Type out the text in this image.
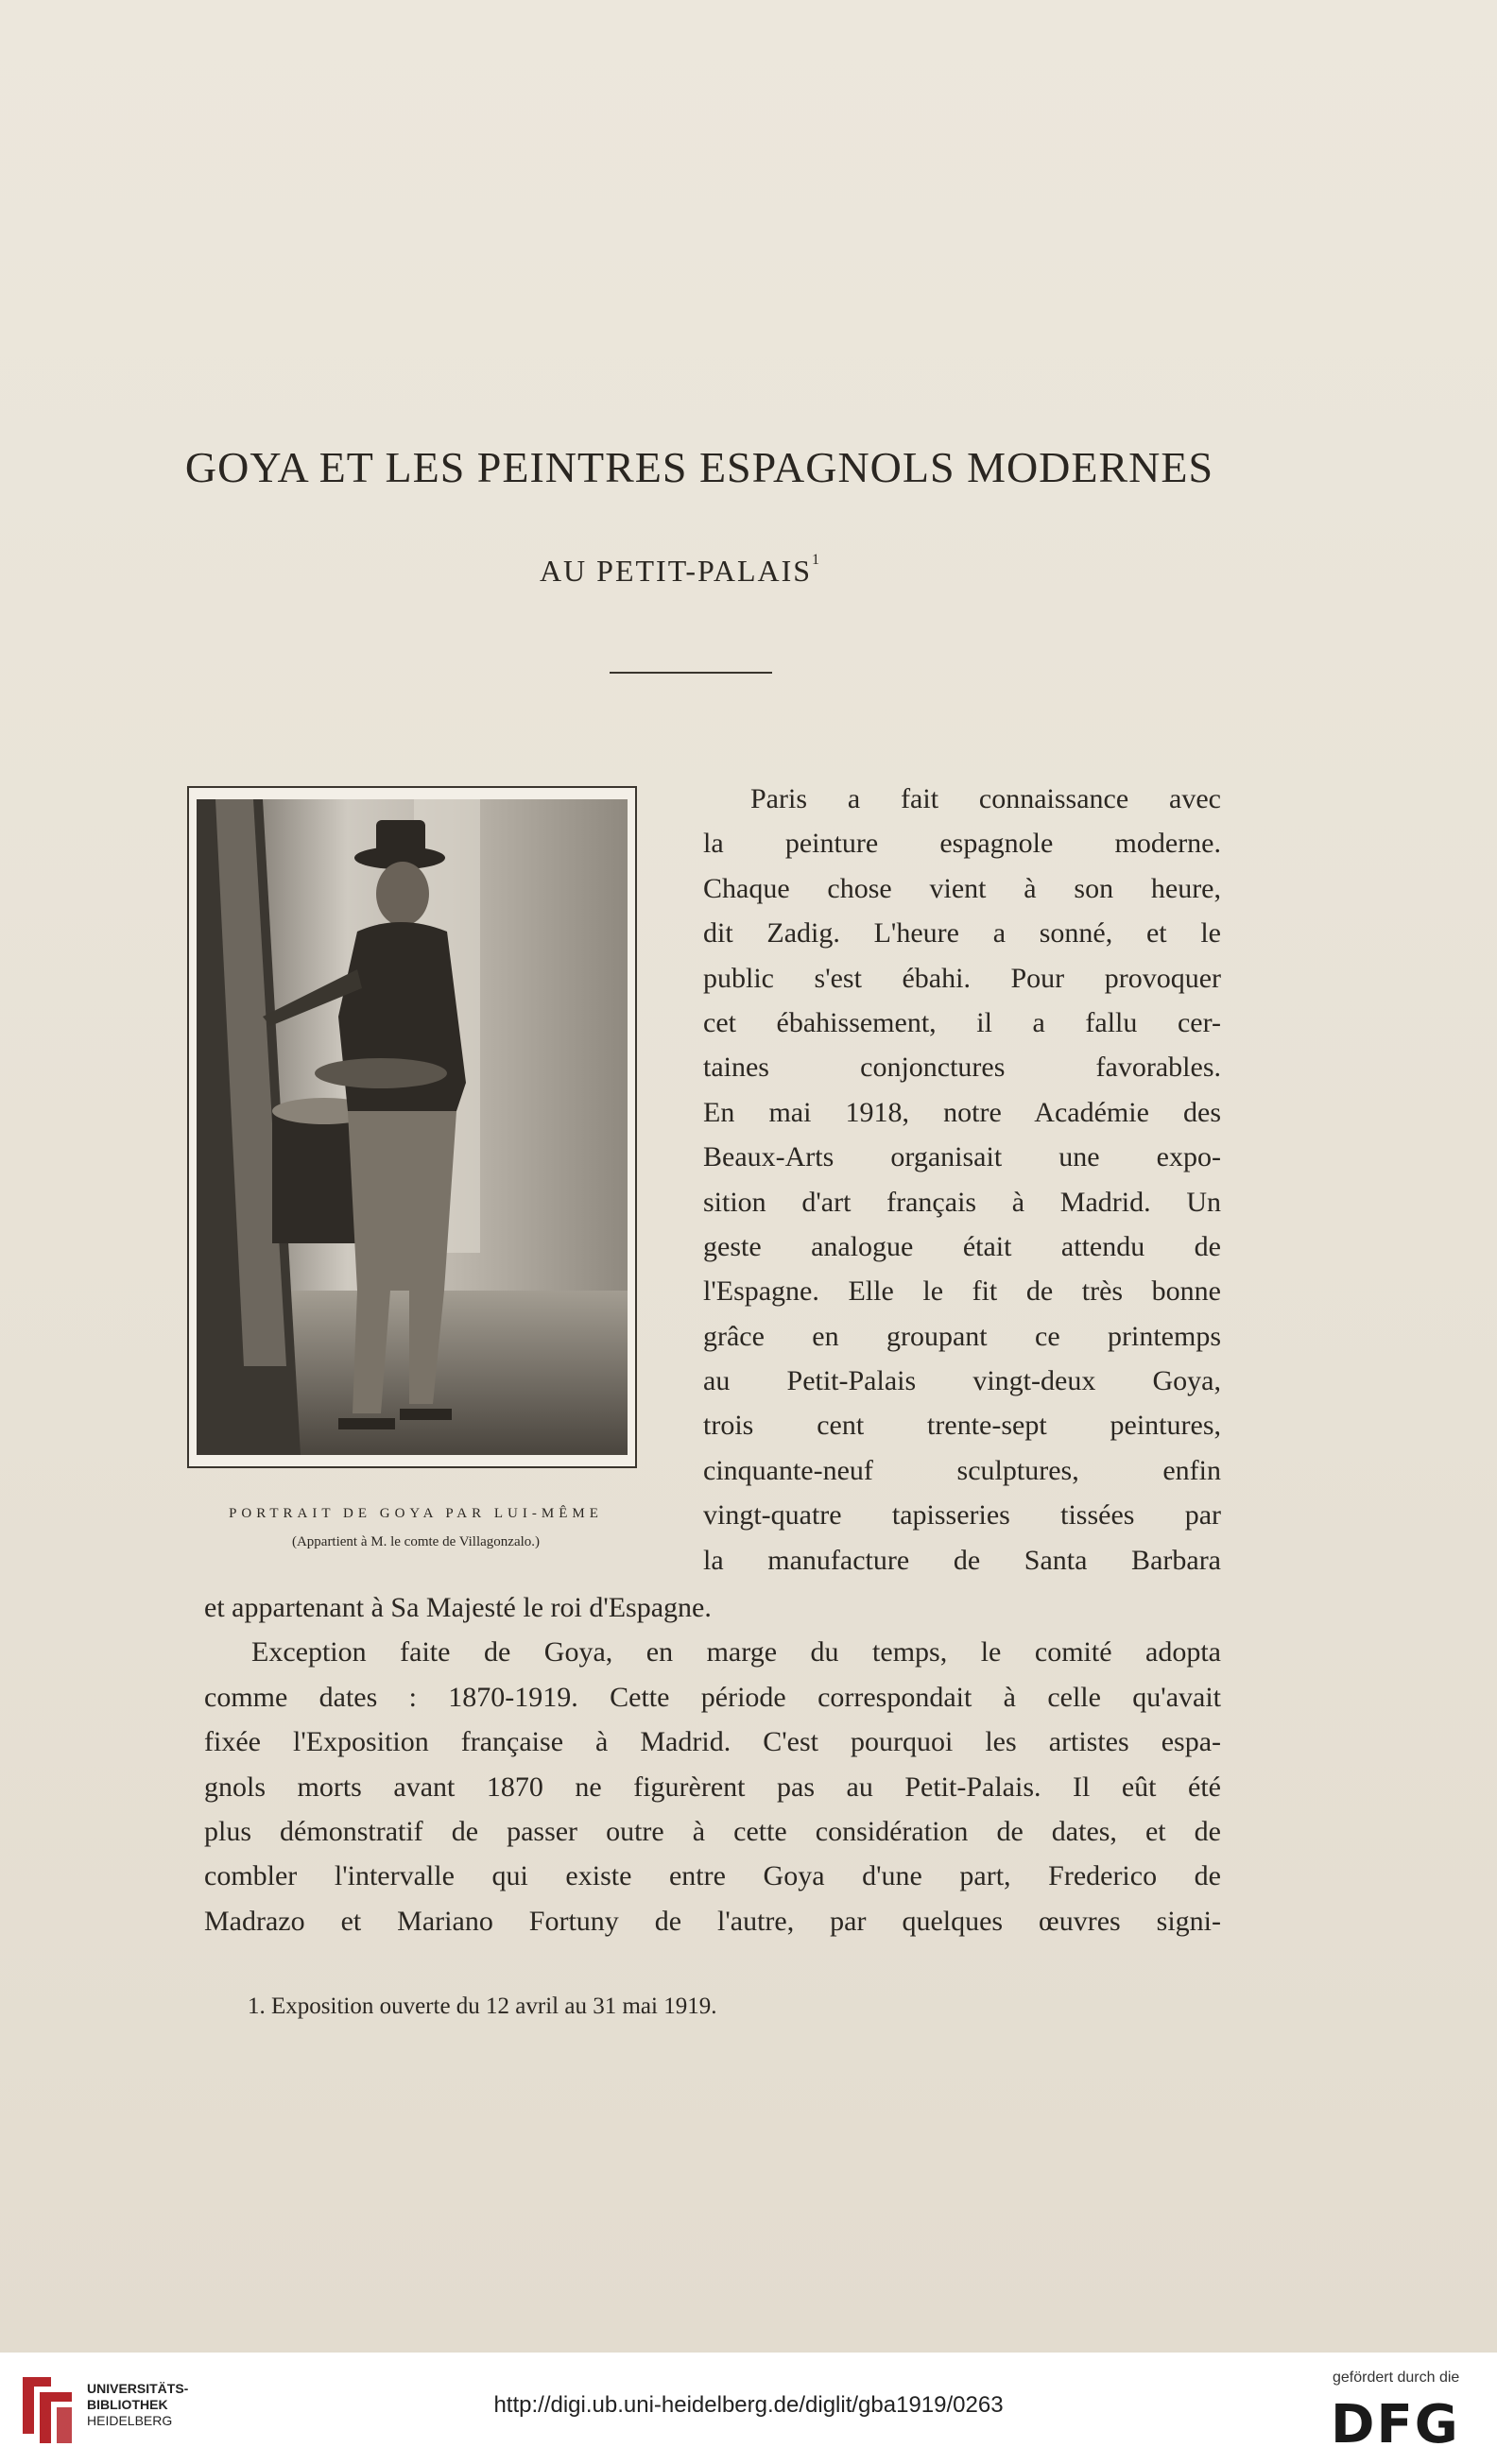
GOYA ET LES PEINTRES ESPAGNOLS MODERNES
AU PETIT-PALAIS$^1$
PORTRAIT DE GOYA PAR LUI-MÊME
(Appartient à M. le comte de Villagonzalo.)
Paris a fait connaissance avec
la peinture espagnole moderne.
Chaque chose vient à son heure,
dit Zadig. L'heure a sonné, et le
public s'est ébahi. Pour provoquer
cet ébahissement, il a fallu cer-
taines conjonctures favorables.
En mai 1918, notre Académie des
Beaux-Arts organisait une expo-
sition d'art français à Madrid. Un
geste analogue était attendu de
l'Espagne. Elle le fit de très bonne
grâce en groupant ce printemps
au Petit-Palais vingt-deux Goya,
trois cent trente-sept peintures,
cinquante-neuf sculptures, enfin
vingt-quatre tapisseries tissées par
la manufacture de Santa Barbara
et appartenant à Sa Majesté le roi d'Espagne.
Exception faite de Goya, en marge du temps, le comité adopta
comme dates : 1870-1919. Cette période correspondait à celle qu'avait
fixée l'Exposition française à Madrid. C'est pourquoi les artistes espa-
gnols morts avant 1870 ne figurèrent pas au Petit-Palais. Il eût été
plus démonstratif de passer outre à cette considération de dates, et de
combler l'intervalle qui existe entre Goya d'une part, Frederico de
Madrazo et Mariano Fortuny de l'autre, par quelques œuvres signi-
1. Exposition ouverte du 12 avril au 31 mai 1919.
UNIVERSITÄTS-
BIBLIOTHEK
HEIDELBERG
http://digi.ub.uni-heidelberg.de/diglit/gba1919/0263
gefördert durch die
DFG
